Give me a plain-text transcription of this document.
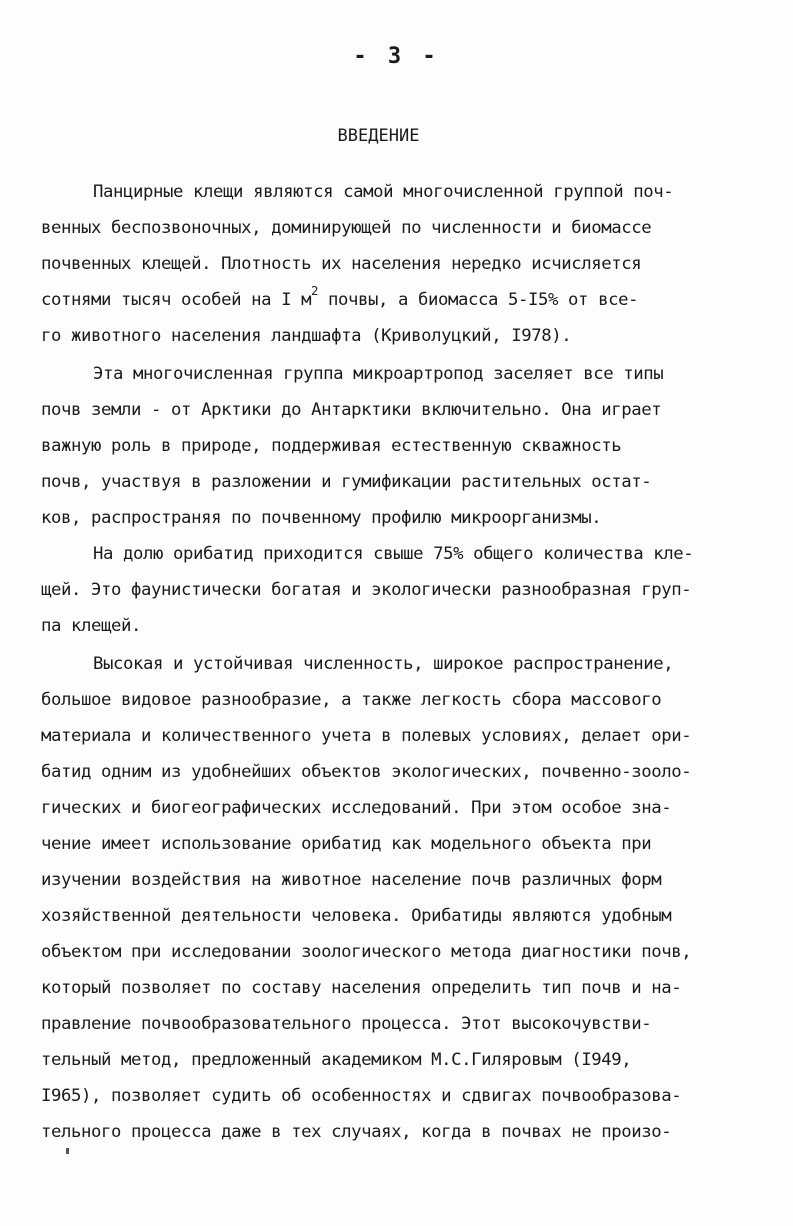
- 3 -
ВВЕДЕНИЕ
Панцирные клещи являются самой многочисленной группой поч-
венных беспозвоночных, доминирующей по численности и биомассе
почвенных клещей. Плотность их населения нередко исчисляется
сотнями тысяч особей на I $м^2$ почвы, а биомасса 5-I5% от все-
го животного населения ландшафта (Криволуцкий, I978).
Эта многочисленная группа микроартропод заселяет все типы
почв земли - от Арктики до Антарктики включительно. Она играет
важную роль в природе, поддерживая естественную скважность
почв, участвуя в разложении и гумификации растительных остат-
ков, распространяя по почвенному профилю микроорганизмы.
На долю орибатид приходится свыше 75% общего количества кле-
щей. Это фаунистически богатая и экологически разнообразная груп-
па клещей.
Высокая и устойчивая численность, широкое распространение,
большое видовое разнообразие, а также легкость сбора массового
материала и количественного учета в полевых условиях, делает ори-
батид одним из удобнейших объектов экологических, почвенно-зооло-
гических и биогеографических исследований. При этом особое зна-
чение имеет использование орибатид как модельного объекта при
изучении воздействия на животное население почв различных форм
хозяйственной деятельности человека. Орибатиды являются удобным
объектом при исследовании зоологического метода диагностики почв,
который позволяет по составу населения определить тип почв и на-
правление почвообразовательного процесса. Этот высокочувстви-
тельный метод, предложенный академиком М.С.Гиляровым (I949,
I965), позволяет судить об особенностях и сдвигах почвообразова-
тельного процесса даже в тех случаях, когда в почвах не произо-
